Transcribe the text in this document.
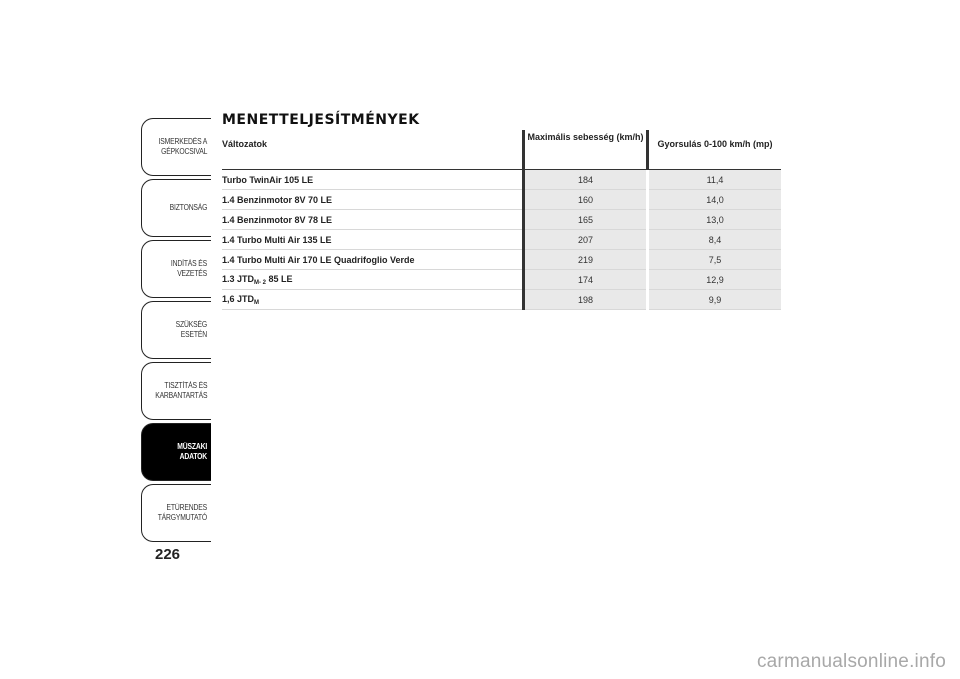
ISMERKEDÉS A
GÉPKOCSIVAL
BIZTONSÁG
INDÍTÁS ÉS VEZETÉS
SZÜKSÉG ESETÉN
TISZTÍTÁS ÉS
KARBANTARTÁS
MŰSZAKI
ADATOK
ETŰRENDES
TÁRGYMUTATÓ
226
MENETTELJESÍTMÉNYEK
Változatok	Maximális sebesség (km/h)	Gyorsulás 0-100 km/h (mp)
Turbo TwinAir 105 LE	184	11,4
1.4 Benzinmotor 8V 70 LE	160	14,0
1.4 Benzinmotor 8V 78 LE	165	13,0
1.4 Turbo Multi Air 135 LE	207	8,4
1.4 Turbo Multi Air 170 LE Quadrifoglio Verde	219	7,5
1.3 $JTD_{M- 2}$ 85 LE	174	12,9
1,6 $JTD_M$	198	9,9
carmanualsonline.info
